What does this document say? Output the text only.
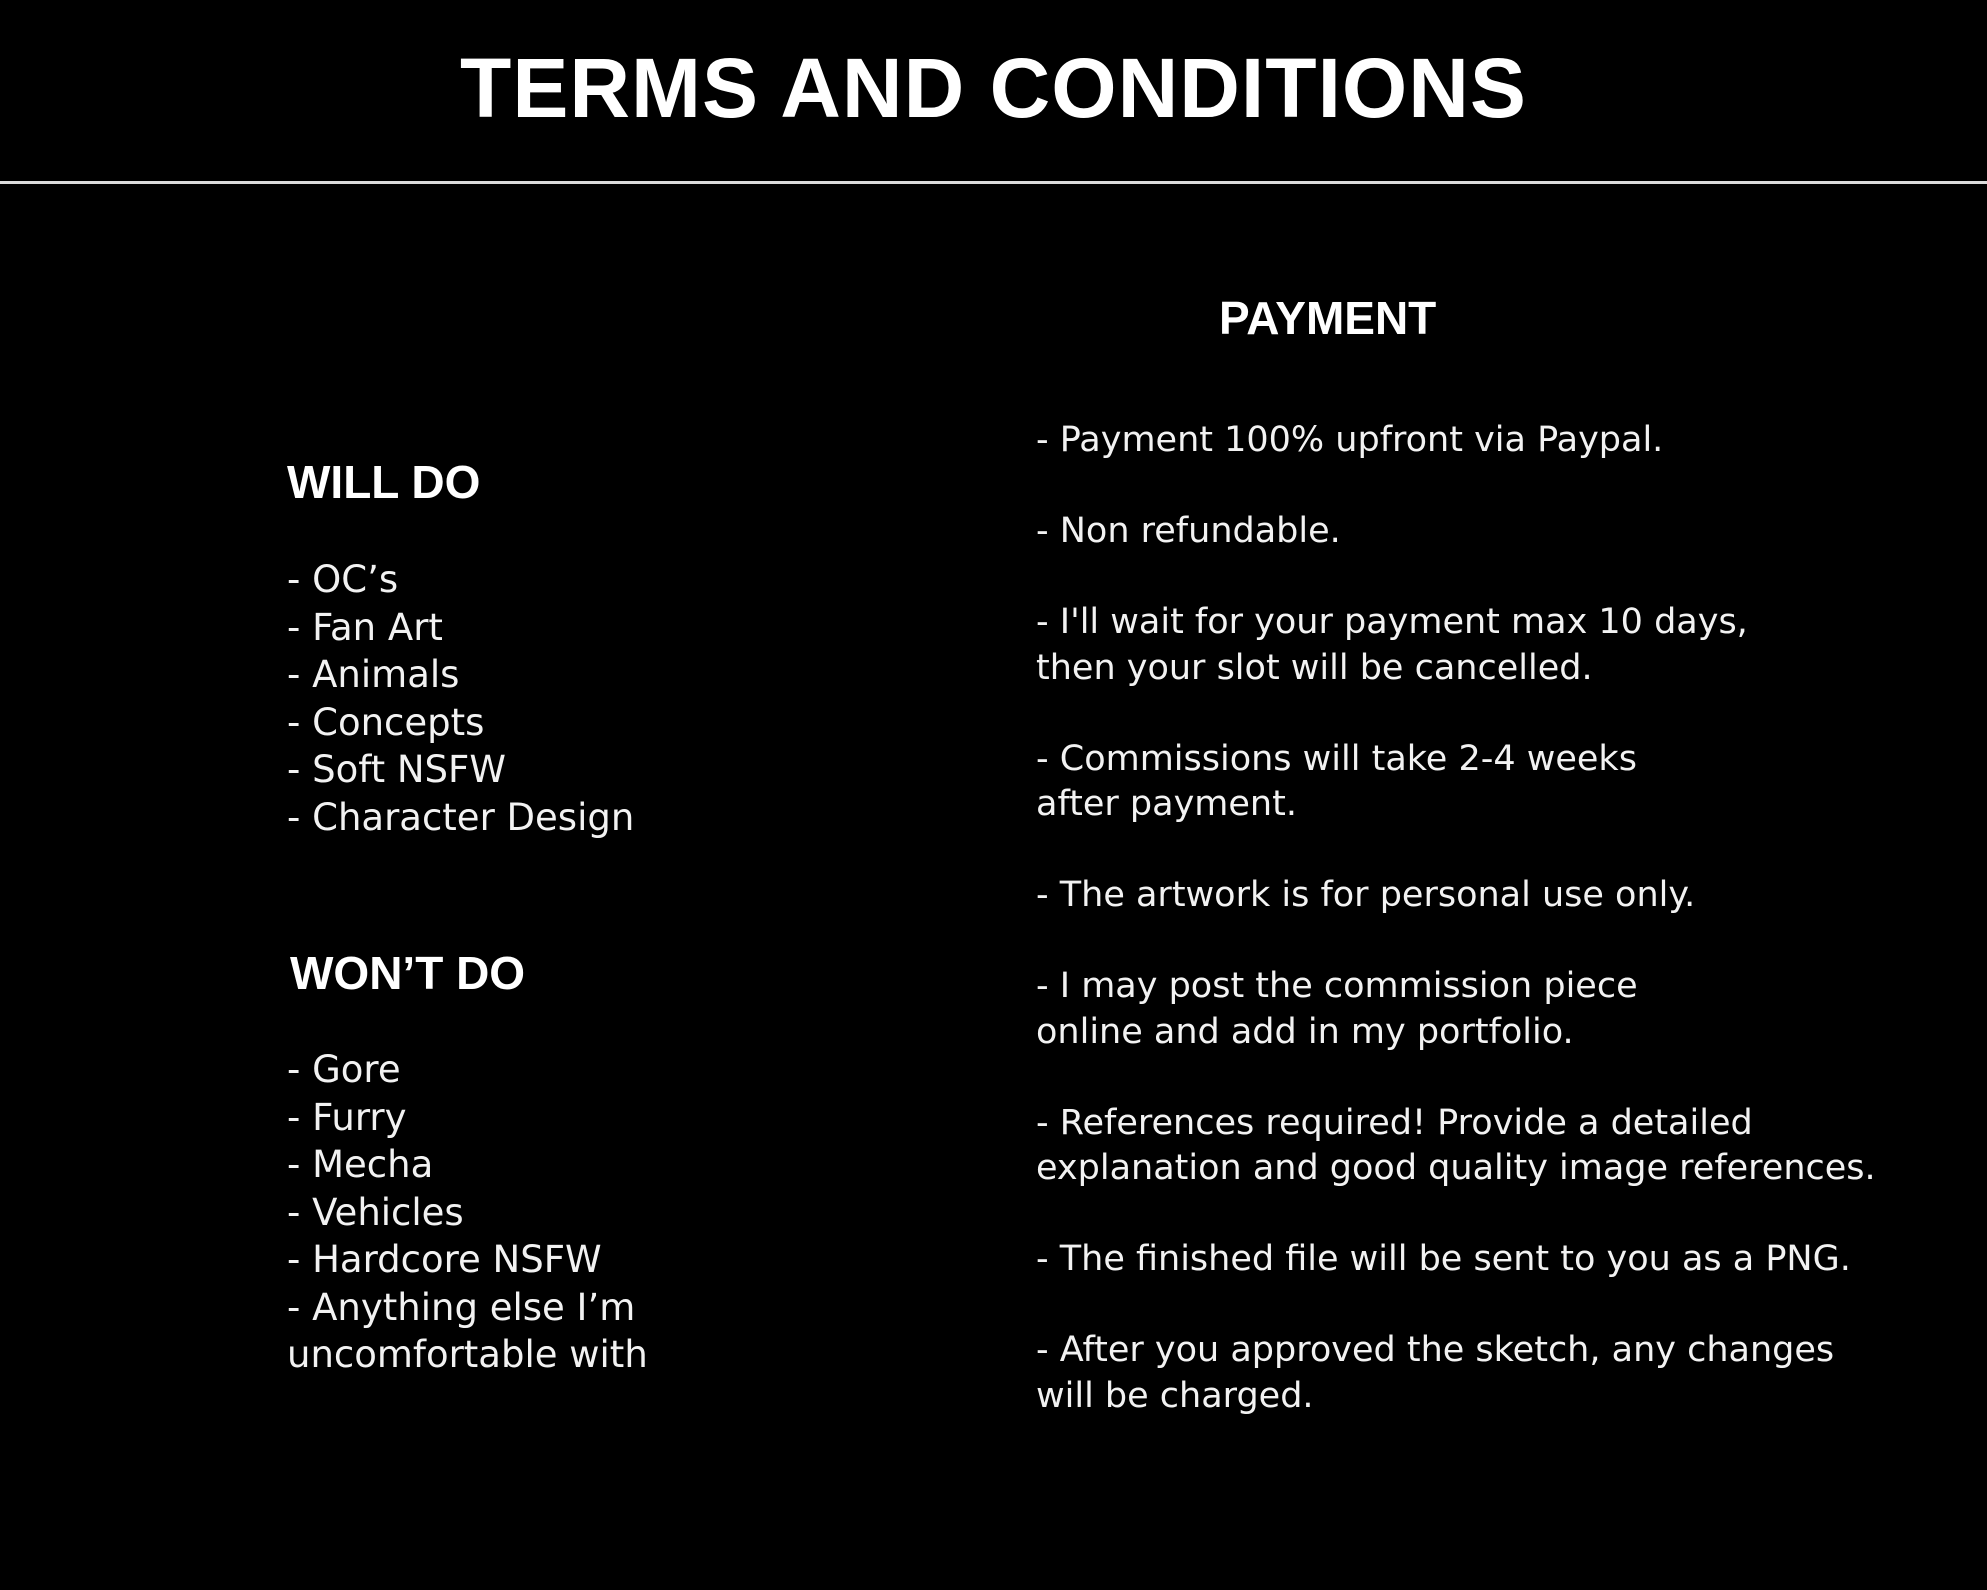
TERMS AND CONDITIONS
WILL DO
- OC’s
- Fan Art
- Animals
- Concepts
- Soft NSFW
- Character Design
WON’T DO
- Gore
- Furry
- Mecha
- Vehicles
- Hardcore NSFW
- Anything else I’m
uncomfortable with
PAYMENT
- Payment 100% upfront via Paypal.
- Non refundable.
- I'll wait for your payment max 10 days,
then your slot will be cancelled.
- Commissions will take 2-4 weeks
after payment.
- The artwork is for personal use only.
- I may post the commission piece
online and add in my portfolio.
- References required! Provide a detailed
explanation and good quality image references.
- The finished file will be sent to you as a PNG.
- After you approved the sketch, any changes
will be charged.
